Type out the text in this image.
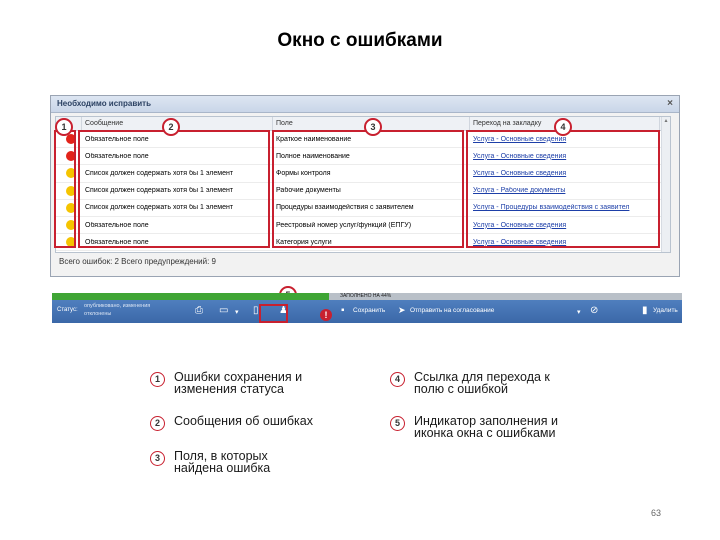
Окно с ошибками
Необходимо исправить	×
Сообщение	Поле	Переход на закладку
Обязательное поле	Краткое наименование	Услуга - Основные сведения
Обязательное поле	Полное наименование	Услуга - Основные сведения
Список должен содержать хотя бы 1 элемент	Формы контроля	Услуга - Основные сведения
Список должен содержать хотя бы 1 элемент	Рабочие документы	Услуга - Рабочие документы
Список должен содержать хотя бы 1 элемент	Процедуры взаимодействия с заявителем	Услуга - Процедуры взаимодействия с заявител
Обязательное поле	Реестровый номер услуг/функций (ЕПГУ)	Услуга - Основные сведения
Обязательное поле	Категория услуги	Услуга - Основные сведения
▴
Всего ошибок: 2 Всего предупреждений: 9
1	2	3	4
ЗАПОЛНЕНО НА 44%
Статус:
опубликовано, изменения отклонены	⎙ ▭ ▾ ▯ ♟	!	▪ Сохранить ➤ Отправить на согласование	▾ ⊘	▮ Удалить
1	Ошибки сохранения и изменения статуса
2	Сообщения об ошибках
3	Поля, в которых найдена ошибка
4	Ссылка для перехода к полю с ошибкой
5	Индикатор заполнения и иконка окна с ошибками
63
